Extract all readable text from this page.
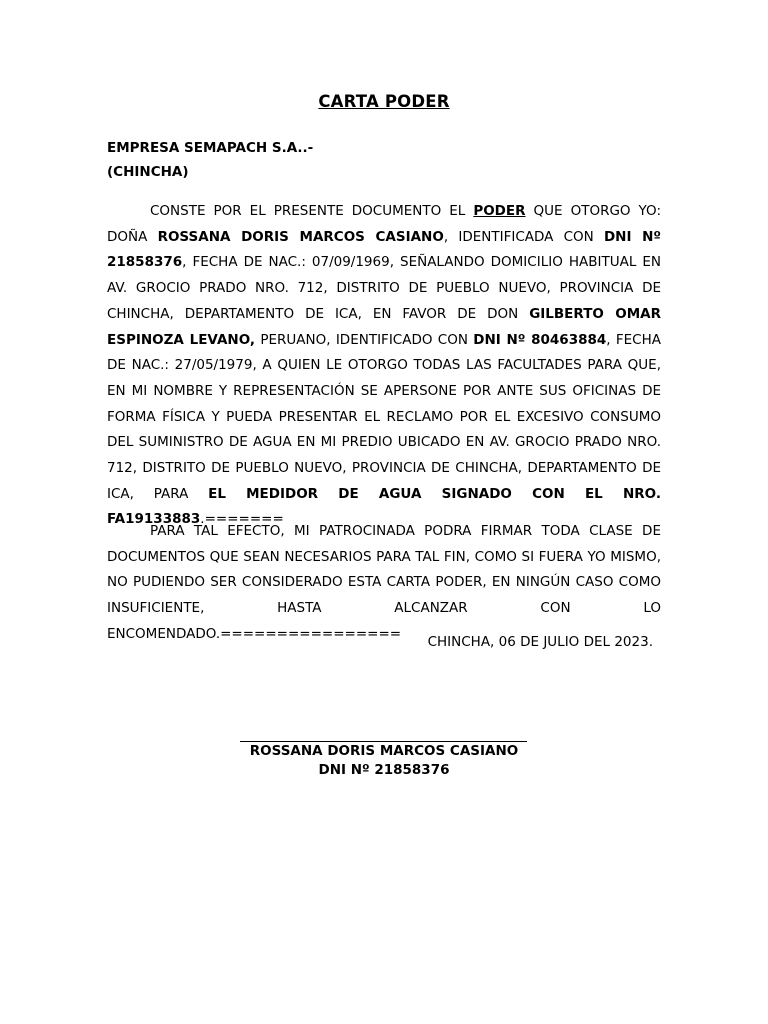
CARTA PODER
EMPRESA SEMAPACH S.A..-
(CHINCHA)
CONSTE POR EL PRESENTE DOCUMENTO EL PODER QUE OTORGO YO: DOÑA ROSSANA DORIS MARCOS CASIANO, IDENTIFICADA CON DNI Nº 21858376, FECHA DE NAC.: 07/09/1969, SEÑALANDO DOMICILIO HABITUAL EN AV. GROCIO PRADO NRO. 712, DISTRITO DE PUEBLO NUEVO, PROVINCIA DE CHINCHA, DEPARTAMENTO DE ICA, EN FAVOR DE DON GILBERTO OMAR ESPINOZA LEVANO, PERUANO, IDENTIFICADO CON DNI Nº 80463884, FECHA DE NAC.: 27/05/1979, A QUIEN LE OTORGO TODAS LAS FACULTADES PARA QUE, EN MI NOMBRE Y REPRESENTACIÓN SE APERSONE POR ANTE SUS OFICINAS DE FORMA FÍSICA Y PUEDA PRESENTAR EL RECLAMO POR EL EXCESIVO CONSUMO DEL SUMINISTRO DE AGUA EN MI PREDIO UBICADO EN AV. GROCIO PRADO NRO. 712, DISTRITO DE PUEBLO NUEVO, PROVINCIA DE CHINCHA, DEPARTAMENTO DE ICA, PARA EL MEDIDOR DE AGUA SIGNADO CON EL NRO. FA19133883.=======
PARA TAL EFECTO, MI PATROCINADA PODRA FIRMAR TODA CLASE DE DOCUMENTOS QUE SEAN NECESARIOS PARA TAL FIN, COMO SI FUERA YO MISMO, NO PUDIENDO SER CONSIDERADO ESTA CARTA PODER, EN NINGÚN CASO COMO INSUFICIENTE, HASTA ALCANZAR CON LO ENCOMENDADO.================
CHINCHA, 06 DE JULIO DEL 2023.
ROSSANA DORIS MARCOS CASIANO
DNI Nº 21858376
